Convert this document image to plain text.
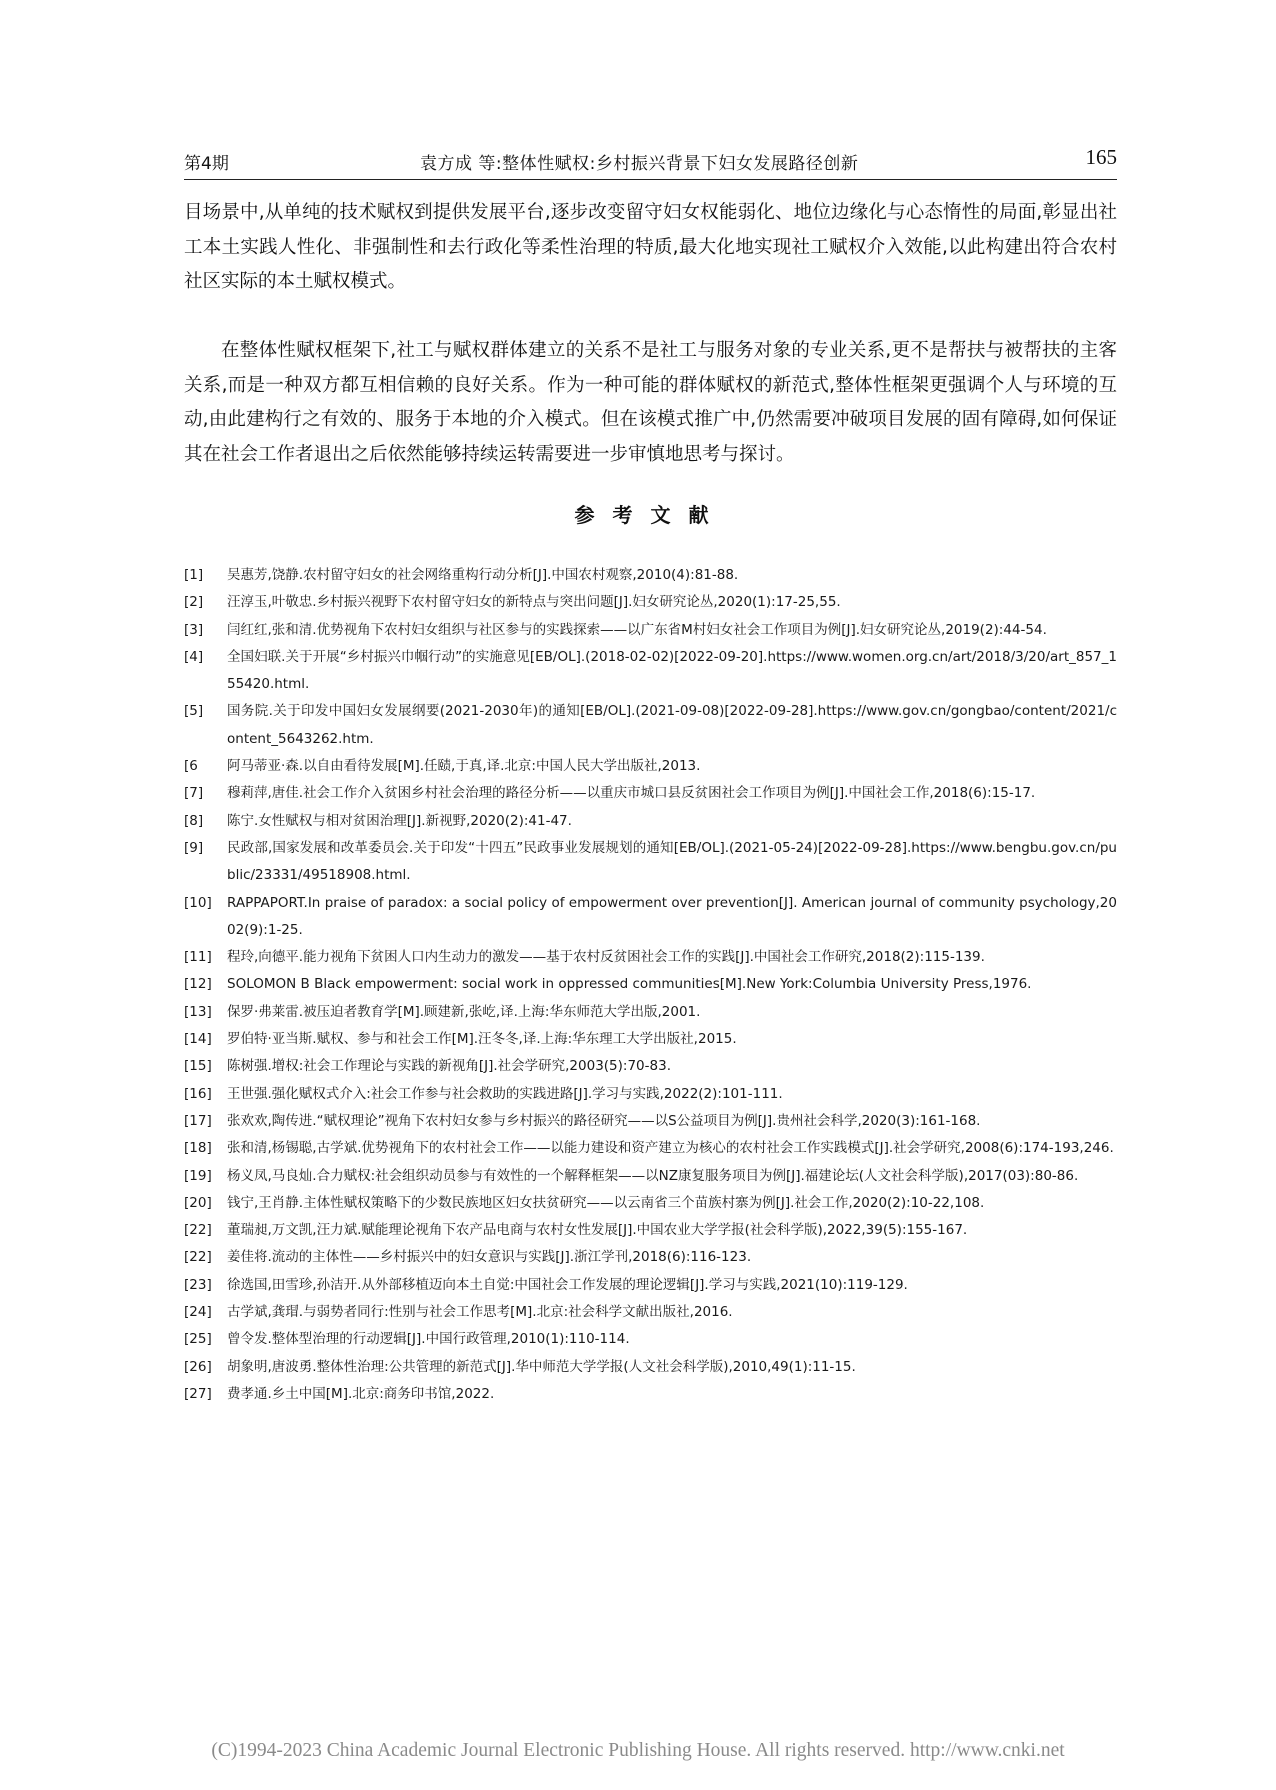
第4期	袁方成 等:整体性赋权:乡村振兴背景下妇女发展路径创新	165

目场景中,从单纯的技术赋权到提供发展平台,逐步改变留守妇女权能弱化、地位边缘化与心态惰性的局面,彰显出社工本土实践人性化、非强制性和去行政化等柔性治理的特质,最大化地实现社工赋权介入效能,以此构建出符合农村社区实际的本土赋权模式。

在整体性赋权框架下,社工与赋权群体建立的关系不是社工与服务对象的专业关系,更不是帮扶与被帮扶的主客关系,而是一种双方都互相信赖的良好关系。作为一种可能的群体赋权的新范式,整体性框架更强调个人与环境的互动,由此建构行之有效的、服务于本地的介入模式。但在该模式推广中,仍然需要冲破项目发展的固有障碍,如何保证其在社会工作者退出之后依然能够持续运转需要进一步审慎地思考与探讨。

参考文献
[1] 吴惠芳,饶静.农村留守妇女的社会网络重构行动分析[J].中国农村观察,2010(4):81-88.
[2] 汪淳玉,叶敬忠.乡村振兴视野下农村留守妇女的新特点与突出问题[J].妇女研究论丛,2020(1):17-25,55.
[3] 闫红红,张和清.优势视角下农村妇女组织与社区参与的实践探索——以广东省M村妇女社会工作项目为例[J].妇女研究论丛,2019(2):44-54.
[4] 全国妇联.关于开展“乡村振兴巾帼行动”的实施意见[EB/OL].(2018-02-02)[2022-09-20].https://www.women.org.cn/art/2018/3/20/art_857_155420.html.
[5] 国务院.关于印发中国妇女发展纲要(2021-2030年)的通知[EB/OL].(2021-09-08)[2022-09-28].https://www.gov.cn/gongbao/content/2021/content_5643262.htm.
[6 阿马蒂亚·森.以自由看待发展[M].任赜,于真,译.北京:中国人民大学出版社,2013.
[7] 穆莉萍,唐佳.社会工作介入贫困乡村社会治理的路径分析——以重庆市城口县反贫困社会工作项目为例[J].中国社会工作,2018(6):15-17.
[8] 陈宁.女性赋权与相对贫困治理[J].新视野,2020(2):41-47.
[9] 民政部,国家发展和改革委员会.关于印发“十四五”民政事业发展规划的通知[EB/OL].(2021-05-24)[2022-09-28].https://www.bengbu.gov.cn/public/23331/49518908.html.
[10] RAPPAPORT.In praise of paradox: a social policy of empowerment over prevention[J]. American journal of community psychology,2002(9):1-25.
[11] 程玲,向德平.能力视角下贫困人口内生动力的激发——基于农村反贫困社会工作的实践[J].中国社会工作研究,2018(2):115-139.
[12] SOLOMON B Black empowerment: social work in oppressed communities[M].New York:Columbia University Press,1976.
[13] 保罗·弗莱雷.被压迫者教育学[M].顾建新,张屹,译.上海:华东师范大学出版,2001.
[14] 罗伯特·亚当斯.赋权、参与和社会工作[M].汪冬冬,译.上海:华东理工大学出版社,2015.
[15] 陈树强.增权:社会工作理论与实践的新视角[J].社会学研究,2003(5):70-83.
[16] 王世强.强化赋权式介入:社会工作参与社会救助的实践进路[J].学习与实践,2022(2):101-111.
[17] 张欢欢,陶传进.“赋权理论”视角下农村妇女参与乡村振兴的路径研究——以S公益项目为例[J].贵州社会科学,2020(3):161-168.
[18] 张和清,杨锡聪,古学斌.优势视角下的农村社会工作——以能力建设和资产建立为核心的农村社会工作实践模式[J].社会学研究,2008(6):174-193,246.
[19] 杨义凤,马良灿.合力赋权:社会组织动员参与有效性的一个解释框架——以NZ康复服务项目为例[J].福建论坛(人文社会科学版),2017(03):80-86.
[20] 钱宁,王肖静.主体性赋权策略下的少数民族地区妇女扶贫研究——以云南省三个苗族村寨为例[J].社会工作,2020(2):10-22,108.
[22] 董瑞昶,万文凯,汪力斌.赋能理论视角下农产品电商与农村女性发展[J].中国农业大学学报(社会科学版),2022,39(5):155-167.
[22] 姜佳将.流动的主体性——乡村振兴中的妇女意识与实践[J].浙江学刊,2018(6):116-123.
[23] 徐选国,田雪珍,孙洁开.从外部移植迈向本土自觉:中国社会工作发展的理论逻辑[J].学习与实践,2021(10):119-129.
[24] 古学斌,龚瑁.与弱势者同行:性别与社会工作思考[M].北京:社会科学文献出版社,2016.
[25] 曾令发.整体型治理的行动逻辑[J].中国行政管理,2010(1):110-114.
[26] 胡象明,唐波勇.整体性治理:公共管理的新范式[J].华中师范大学学报(人文社会科学版),2010,49(1):11-15.
[27] 费孝通.乡土中国[M].北京:商务印书馆,2022.
(C)1994-2023 China Academic Journal Electronic Publishing House. All rights reserved. http://www.cnki.net
